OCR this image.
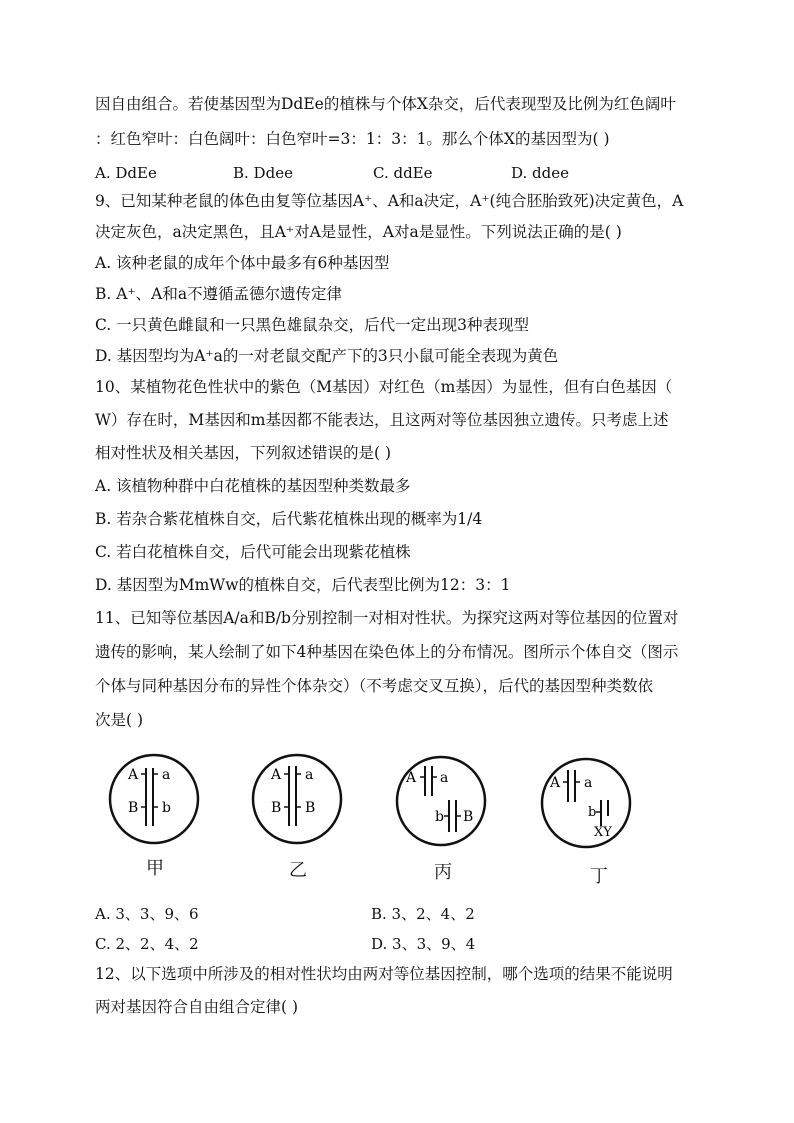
因自由组合。若使基因型为DdEe的植株与个体X杂交，后代表现型及比例为红色阔叶
：红色窄叶：白色阔叶：白色窄叶=3：1：3：1。那么个体X的基因型为( )
A. DdEe	B. Ddee	C. ddEe	D. ddee
9、已知某种老鼠的体色由复等位基因A⁺、A和a决定，A⁺(纯合胚胎致死)决定黄色，A
决定灰色，a决定黑色，且A⁺对A是显性，A对a是显性。下列说法正确的是( )
A. 该种老鼠的成年个体中最多有6种基因型
B. A⁺、A和a不遵循孟德尔遗传定律
C. 一只黄色雌鼠和一只黑色雄鼠杂交，后代一定出现3种表现型
D. 基因型均为A⁺a的一对老鼠交配产下的3只小鼠可能全表现为黄色
10、某植物花色性状中的紫色（M基因）对红色（m基因）为显性，但有白色基因（
W）存在时，M基因和m基因都不能表达，且这两对等位基因独立遗传。只考虑上述
相对性状及相关基因，下列叙述错误的是( )
A. 该植物种群中白花植株的基因型种类数最多
B. 若杂合紫花植株自交，后代紫花植株出现的概率为1/4
C. 若白花植株自交，后代可能会出现紫花植株
D. 基因型为MmWw的植株自交，后代表型比例为12：3：1
11、已知等位基因A/a和B/b分别控制一对相对性状。为探究这两对等位基因的位置对
遗传的影响，某人绘制了如下4种基因在染色体上的分布情况。图所示个体自交（图示
个体与同种基因分布的异性个体杂交）（不考虑交叉互换），后代的基因型种类数依
次是( )
A a
B b
甲
A a
B B
乙
A a
b B
丙
A a
b
XY
丁
A. 3、3、9、6	B. 3、2、4、2
C. 2、2、4、2	D. 3、3、9、4
12、以下选项中所涉及的相对性状均由两对等位基因控制，哪个选项的结果不能说明
两对基因符合自由组合定律( )
